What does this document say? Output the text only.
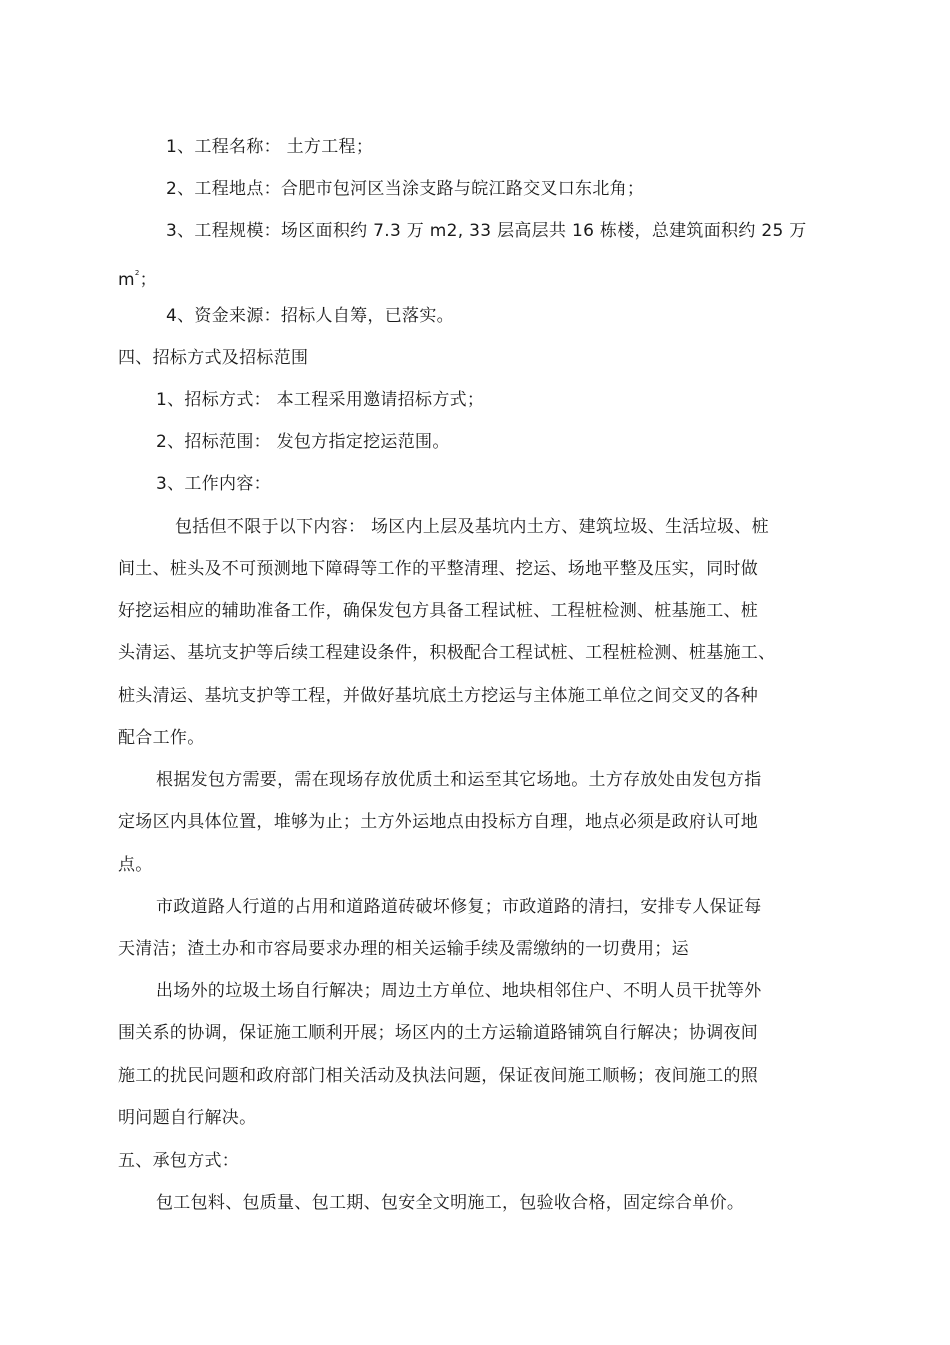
1、工程名称： 土方工程；
2、工程地点：合肥市包河区当涂支路与皖江路交叉口东北角；
3、工程规模：场区面积约 7.3 万 m2, 33 层高层共 16 栋楼，总建筑面积约 25 万
$m^2$；
4、资金来源：招标人自筹，已落实。
四、招标方式及招标范围
1、招标方式： 本工程采用邀请招标方式；
2、招标范围： 发包方指定挖运范围。
3、工作内容：
包括但不限于以下内容： 场区内上层及基坑内土方、建筑垃圾、生活垃圾、桩
间土、桩头及不可预测地下障碍等工作的平整清理、挖运、场地平整及压实，同时做
好挖运相应的辅助准备工作，确保发包方具备工程试桩、工程桩检测、桩基施工、桩
头清运、基坑支护等后续工程建设条件，积极配合工程试桩、工程桩检测、桩基施工、
桩头清运、基坑支护等工程，并做好基坑底土方挖运与主体施工单位之间交叉的各种
配合工作。
根据发包方需要，需在现场存放优质土和运至其它场地。土方存放处由发包方指
定场区内具体位置，堆够为止；土方外运地点由投标方自理，地点必须是政府认可地
点。
市政道路人行道的占用和道路道砖破坏修复；市政道路的清扫，安排专人保证每
天清洁；渣土办和市容局要求办理的相关运输手续及需缴纳的一切费用；运
出场外的垃圾土场自行解决；周边土方单位、地块相邻住户、不明人员干扰等外
围关系的协调，保证施工顺利开展；场区内的土方运输道路铺筑自行解决；协调夜间
施工的扰民问题和政府部门相关活动及执法问题，保证夜间施工顺畅；夜间施工的照
明问题自行解决。
五、承包方式：
包工包料、包质量、包工期、包安全文明施工，包验收合格，固定综合单价。
